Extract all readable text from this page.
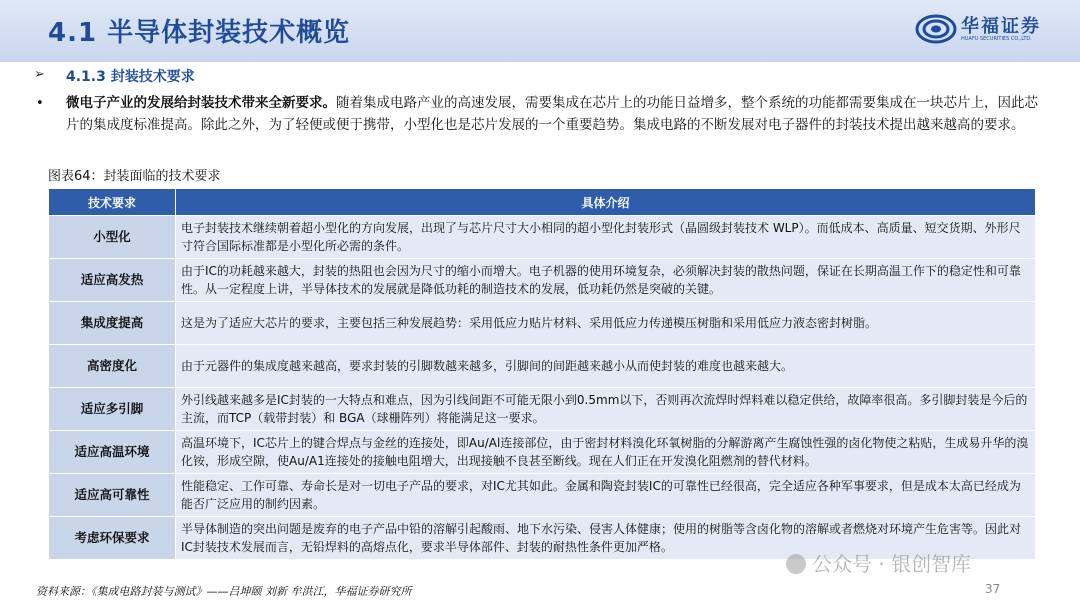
4.1 半导体封装技术概览	华福证券
HUAFU SECURITIES CO.,LTD.
➢ 4.1.3 封装技术要求
• 微电子产业的发展给封装技术带来全新要求。随着集成电路产业的高速发展，需要集成在芯片上的功能日益增多，整个系统的功能都需要集成在一块芯片上，因此芯片的集成度标准提高。除此之外，为了轻便或便于携带，小型化也是芯片发展的一个重要趋势。集成电路的不断发展对电子器件的封装技术提出越来越高的要求。
图表64：封装面临的技术要求
技术要求	具体介绍
小型化	电子封装技术继续朝着超小型化的方向发展，出现了与芯片尺寸大小相同的超小型化封装形式（晶圆级封装技术 WLP）。而低成本、高质量、短交货期、外形尺寸符合国际标准都是小型化所必需的条件。
适应高发热	由于IC的功耗越来越大，封装的热阻也会因为尺寸的缩小而增大。电子机器的使用环境复杂，必须解决封装的散热问题，保证在长期高温工作下的稳定性和可靠性。从一定程度上讲，半导体技术的发展就是降低功耗的制造技术的发展，低功耗仍然是突破的关键。
集成度提高	这是为了适应大芯片的要求，主要包括三种发展趋势：采用低应力贴片材料、采用低应力传递模压树脂和采用低应力液态密封树脂。
高密度化	由于元器件的集成度越来越高，要求封装的引脚数越来越多，引脚间的间距越来越小从而使封装的难度也越来越大。
适应多引脚	外引线越来越多是IC封装的一大特点和难点，因为引线间距不可能无限小到0.5mm以下，否则再次流焊时焊料难以稳定供给，故障率很高。多引脚封装是今后的主流，而TCP（载带封装）和 BGA（球栅阵列）将能满足这一要求。
适应高温环境	高温环境下，IC芯片上的键合焊点与金丝的连接处，即Au/Al连接部位，由于密封材料溴化环氧树脂的分解游离产生腐蚀性强的卤化物使之粘贴，生成易升华的溴化铵，形成空隙，使Au/A1连接处的接触电阻增大，出现接触不良甚至断线。现在人们正在开发溴化阻燃剂的替代材料。
适应高可靠性	性能稳定、工作可靠、寿命长是对一切电子产品的要求，对IC尤其如此。金属和陶瓷封装IC的可靠性已经很高，完全适应各种军事要求，但是成本太高已经成为能否广泛应用的制约因素。
考虑环保要求	半导体制造的突出问题是废弃的电子产品中铅的溶解引起酸雨、地下水污染、侵害人体健康；使用的树脂等含卤化物的溶解或者燃烧对环境产生危害等。因此对IC封装技术发展而言，无铅焊料的高熔点化，要求半导体部件、封装的耐热性条件更加严格。
资料来源：《集成电路封装与测试》——吕坤颐 刘新 牟洪江，华福证券研究所
公众号 · 银创智库
37
